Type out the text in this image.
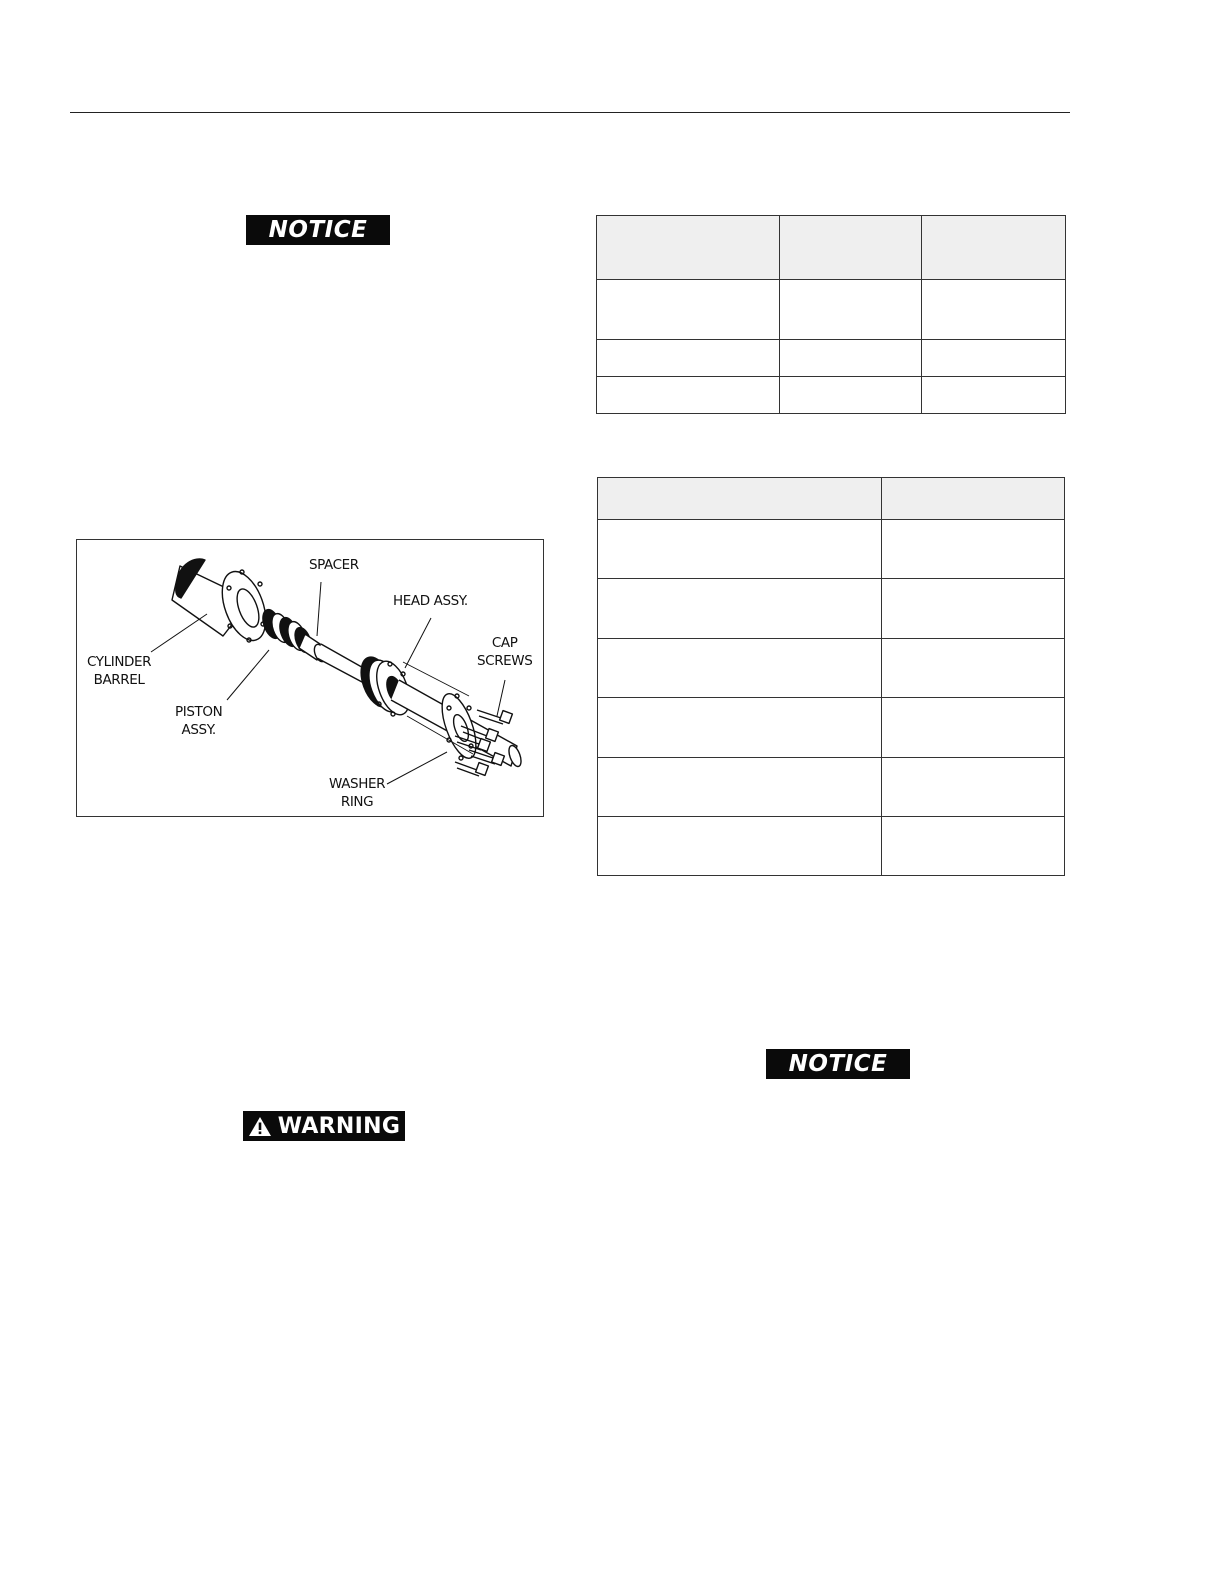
NOTICE
SPACER
HEAD ASSY.
CAP
SCREWS
CYLINDER
BARREL
PISTON
ASSY.
WASHER
RING
WARNING

NOTICE
